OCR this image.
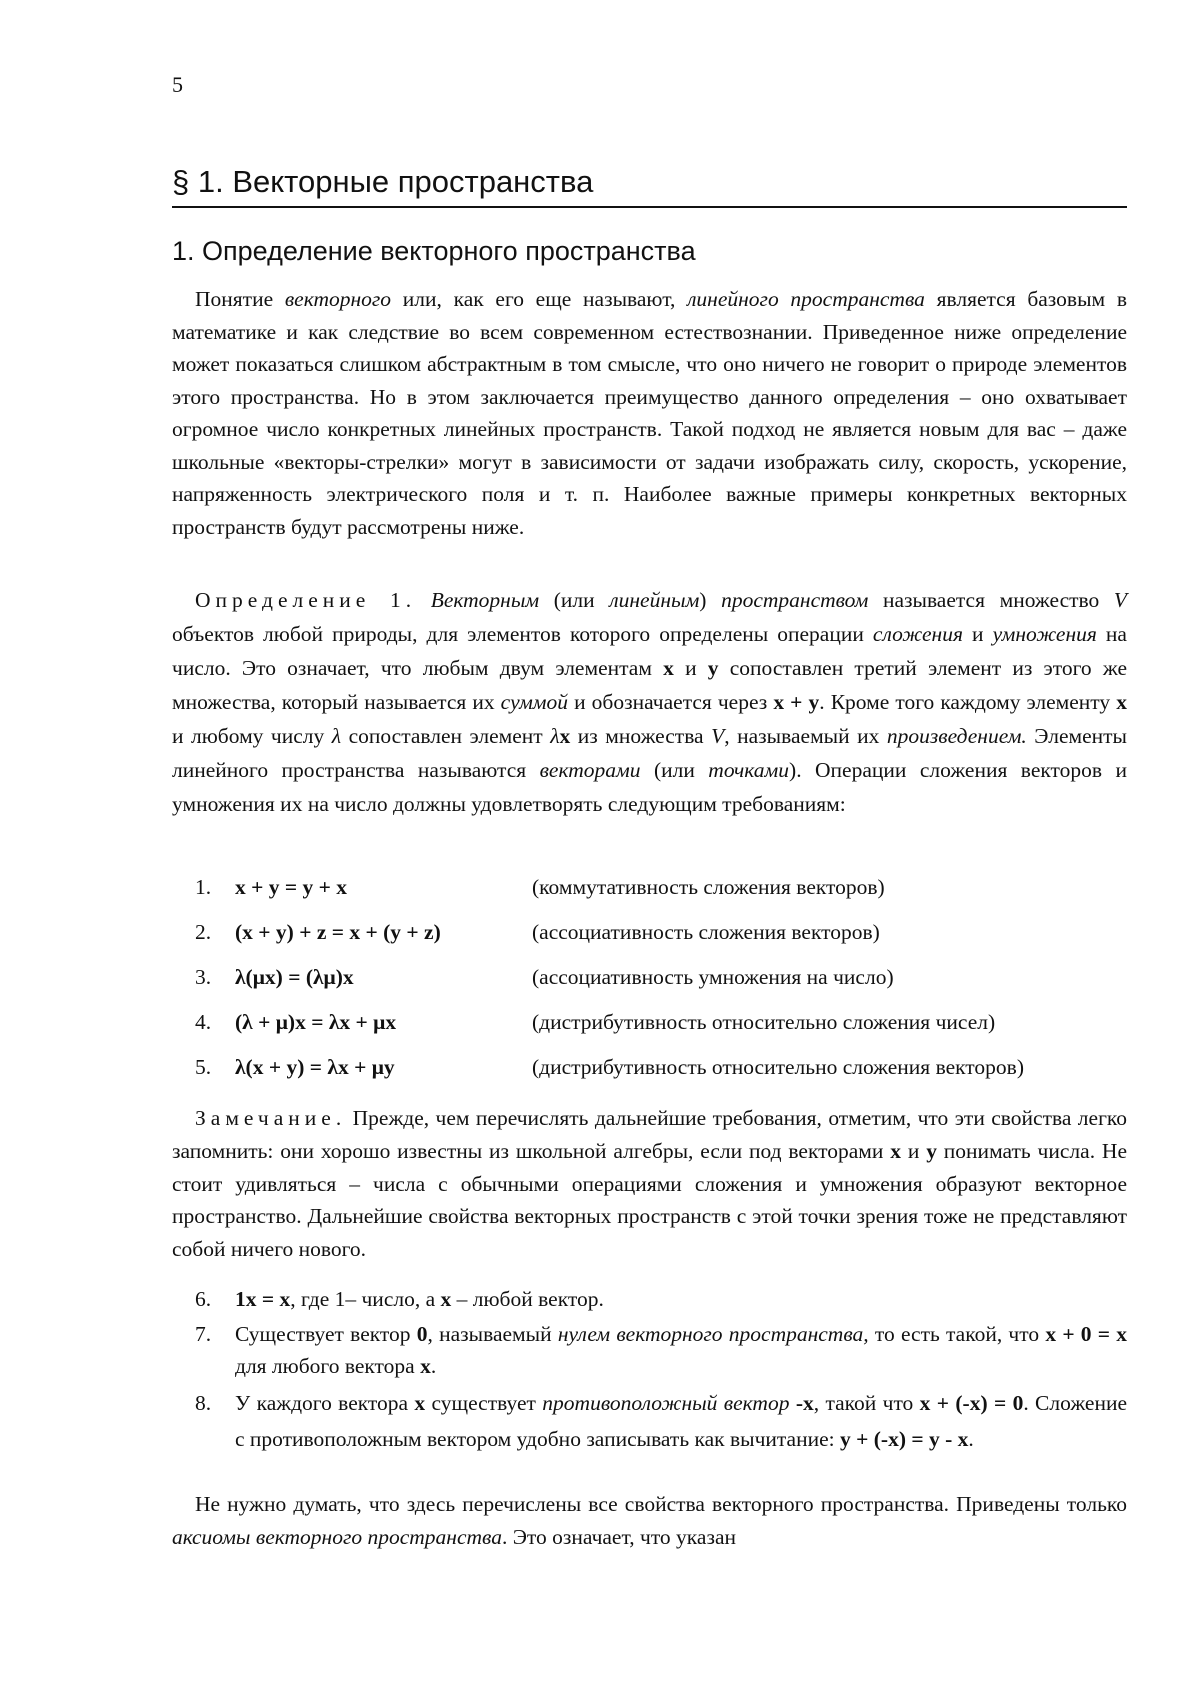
5
§ 1. Векторные пространства
1. Определение векторного пространства
Понятие векторного или, как его еще называют, линейного пространства является базовым в математике и как следствие во всем современном естествознании. Приведенное ниже определение может показаться слишком абстрактным в том смысле, что оно ничего не говорит о природе элементов этого пространства. Но в этом заключается преимущество данного определения – оно охватывает огромное число конкретных линейных пространств. Такой подход не является новым для вас – даже школьные «векторы-стрелки» могут в зависимости от задачи изображать силу, скорость, ускорение, напряженность электрического поля и т. п. Наиболее важные примеры конкретных векторных пространств будут рассмотрены ниже.
Определение 1. Векторным (или линейным) пространством называется множество V объектов любой природы, для элементов которого определены операции сложения и умножения на число. Это означает, что любым двум элементам x и y сопоставлен третий элемент из этого же множества, который называется их суммой и обозначается через x + y. Кроме того каждому элементу x и любому числу λ сопоставлен элемент λx из множества V, называемый их произведением. Элементы линейного пространства называются векторами (или точками). Операции сложения векторов и умножения их на число должны удовлетворять следующим требованиям:
1.	x + y = y + x	(коммутативность сложения векторов)
2.	(x + y) + z = x + (y + z)	(ассоциативность сложения векторов)
3.	λ(μx) = (λμ)x	(ассоциативность умножения на число)
4.	(λ + μ)x = λx + μx	(дистрибутивность относительно сложения чисел)
5.	λ(x + y) = λx + μy	(дистрибутивность относительно сложения векторов)
Замечание. Прежде, чем перечислять дальнейшие требования, отметим, что эти свойства легко запомнить: они хорошо известны из школьной алгебры, если под векторами x и y понимать числа. Не стоит удивляться – числа с обычными операциями сложения и умножения образуют векторное пространство. Дальнейшие свойства векторных пространств с этой точки зрения тоже не представляют собой ничего нового.
6. 1x = x, где 1– число, а x – любой вектор.
7. Существует вектор 0, называемый нулем векторного пространства, то есть такой, что x + 0 = x для любого вектора x.
8. У каждого вектора x существует противоположный вектор -x, такой что x + (-x) = 0. Сложение с противоположным вектором удобно записывать как вычитание: y + (-x) = y - x.
Не нужно думать, что здесь перечислены все свойства векторного пространства. Приведены только аксиомы векторного пространства. Это означает, что указан
